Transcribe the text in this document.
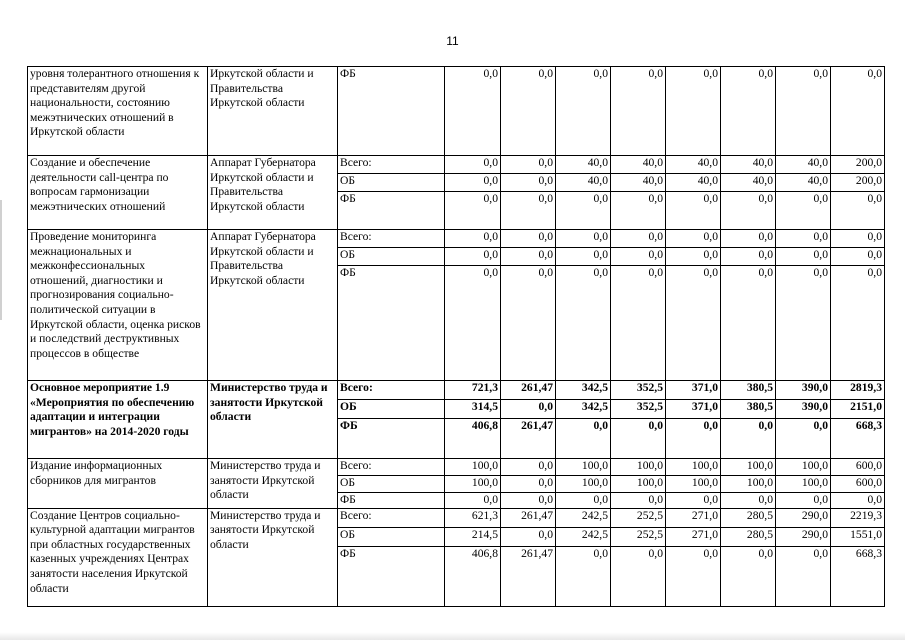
11
уровня толерантного отношения к представителям другой национальности, состоянию межэтнических отношений в Иркутской области	Иркутской области и Правительства Иркутской области	ФБ	0,0	0,0	0,0	0,0	0,0	0,0	0,0	0,0
Создание и обеспечение деятельности call-центра по вопросам гармонизации межэтнических отношений	Аппарат Губернатора Иркутской области и Правительства Иркутской области	Всего:	0,0	0,0	40,0	40,0	40,0	40,0	40,0	200,0
		ОБ	0,0	0,0	40,0	40,0	40,0	40,0	40,0	200,0
		ФБ	0,0	0,0	0,0	0,0	0,0	0,0	0,0	0,0
Проведение мониторинга межнациональных и межконфессиональных отношений, диагностики и прогнозирования социально-политической ситуации в Иркутской области, оценка рисков и последствий деструктивных процессов в обществе	Аппарат Губернатора Иркутской области и Правительства Иркутской области	Всего:	0,0	0,0	0,0	0,0	0,0	0,0	0,0	0,0
		ОБ	0,0	0,0	0,0	0,0	0,0	0,0	0,0	0,0
		ФБ	0,0	0,0	0,0	0,0	0,0	0,0	0,0	0,0
Основное мероприятие 1.9 «Мероприятия по обеспечению адаптации и интеграции мигрантов» на 2014-2020 годы	Министерство труда и занятости Иркутской области	Всего:	721,3	261,47	342,5	352,5	371,0	380,5	390,0	2819,3
		ОБ	314,5	0,0	342,5	352,5	371,0	380,5	390,0	2151,0
		ФБ	406,8	261,47	0,0	0,0	0,0	0,0	0,0	668,3
Издание информационных сборников для мигрантов	Министерство труда и занятости Иркутской области	Всего:	100,0	0,0	100,0	100,0	100,0	100,0	100,0	600,0
		ОБ	100,0	0,0	100,0	100,0	100,0	100,0	100,0	600,0
		ФБ	0,0	0,0	0,0	0,0	0,0	0,0	0,0	0,0
Создание Центров социально-культурной адаптации мигрантов при областных государственных казенных учреждениях Центрах занятости населения Иркутской области	Министерство труда и занятости Иркутской области	Всего:	621,3	261,47	242,5	252,5	271,0	280,5	290,0	2219,3
		ОБ	214,5	0,0	242,5	252,5	271,0	280,5	290,0	1551,0
		ФБ	406,8	261,47	0,0	0,0	0,0	0,0	0,0	668,3
